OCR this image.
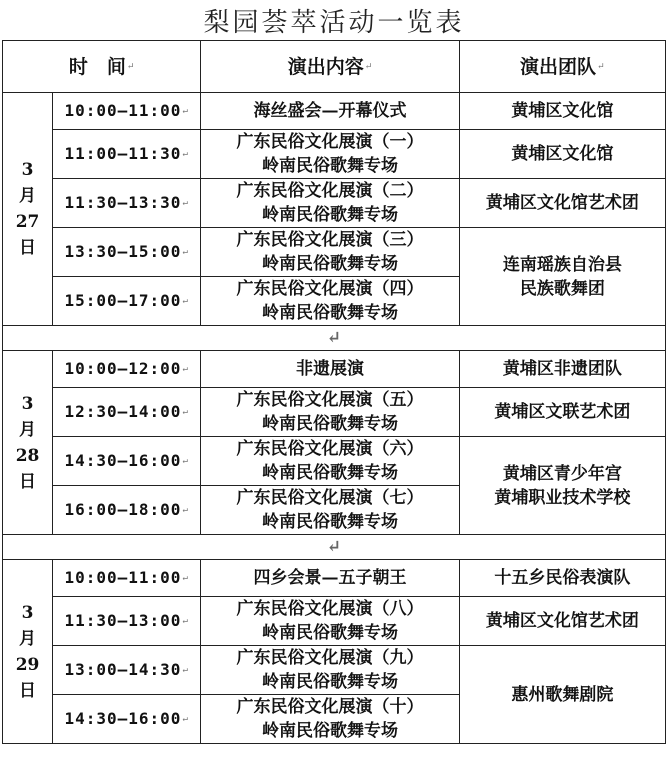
梨园荟萃活动一览表
时　间↵		演出内容↵	演出团队↵

3
月
27
日	10:00—11:00↵	海丝盛会—开幕仪式	黄埔区文化馆

	11:00—11:30↵	广东民俗文化展演（一）
岭南民俗歌舞专场	黄埔区文化馆

	11:30—13:30↵	广东民俗文化展演（二）
岭南民俗歌舞专场	黄埔区文化馆艺术团

	13:30—15:00↵	广东民俗文化展演（三）
岭南民俗歌舞专场	连南瑶族自治县
民族歌舞团

	15:00—17:00↵	广东民俗文化展演（四）
岭南民俗歌舞专场	

↵			

3
月
28
日	10:00—12:00↵	非遗展演	黄埔区非遗团队

	12:30—14:00↵	广东民俗文化展演（五）
岭南民俗歌舞专场	黄埔区文联艺术团

	14:30—16:00↵	广东民俗文化展演（六）
岭南民俗歌舞专场	黄埔区青少年宫
黄埔职业技术学校

	16:00—18:00↵	广东民俗文化展演（七）
岭南民俗歌舞专场	

↵			

3
月
29
日	10:00—11:00↵	四乡会景—五子朝王	十五乡民俗表演队

	11:30—13:00↵	广东民俗文化展演（八）
岭南民俗歌舞专场	黄埔区文化馆艺术团

	13:00—14:30↵	广东民俗文化展演（九）
岭南民俗歌舞专场	惠州歌舞剧院

	14:30—16:00↵	广东民俗文化展演（十）
岭南民俗歌舞专场	
